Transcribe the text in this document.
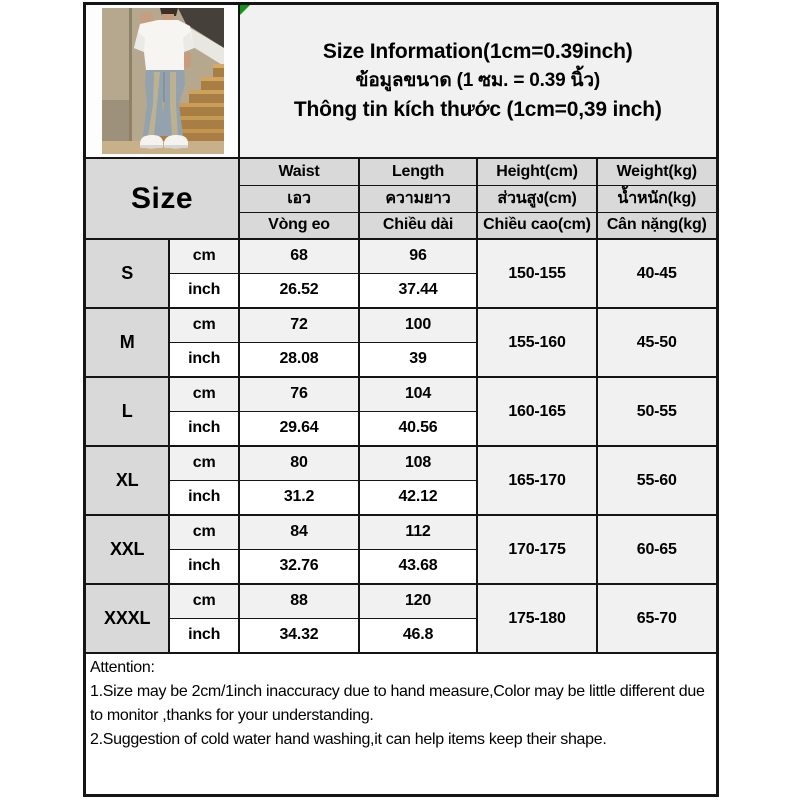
Size Information(1cm=0.39inch)
ข้อมูลขนาด (1 ซม. = 0.39 นิ้ว)
Thông tin kích thước (1cm=0,39 inch)			

Size		Waist	Length	Height(cm)	Weight(kg)
		เอว	ความยาว	ส่วนสูง(cm)	น้ำหนัก(kg)
		Vòng eo	Chiều dài	Chiều cao(cm)	Cân nặng(kg)
S	cm	68	96	150-155	40-45
	inch	26.52	37.44		
M	cm	72	100	155-160	45-50
	inch	28.08	39		
L	cm	76	104	160-165	50-55
	inch	29.64	40.56		
XL	cm	80	108	165-170	55-60
	inch	31.2	42.12		
XXL	cm	84	112	170-175	60-65
	inch	32.76	43.68		
XXXL	cm	88	120	175-180	65-70
	inch	34.32	46.8		

Attention:
1.Size may be 2cm/1inch inaccuracy due to hand measure,Color may be little different due to monitor ,thanks for your understanding.
2.Suggestion of cold water hand washing,it can help items keep their shape.					
